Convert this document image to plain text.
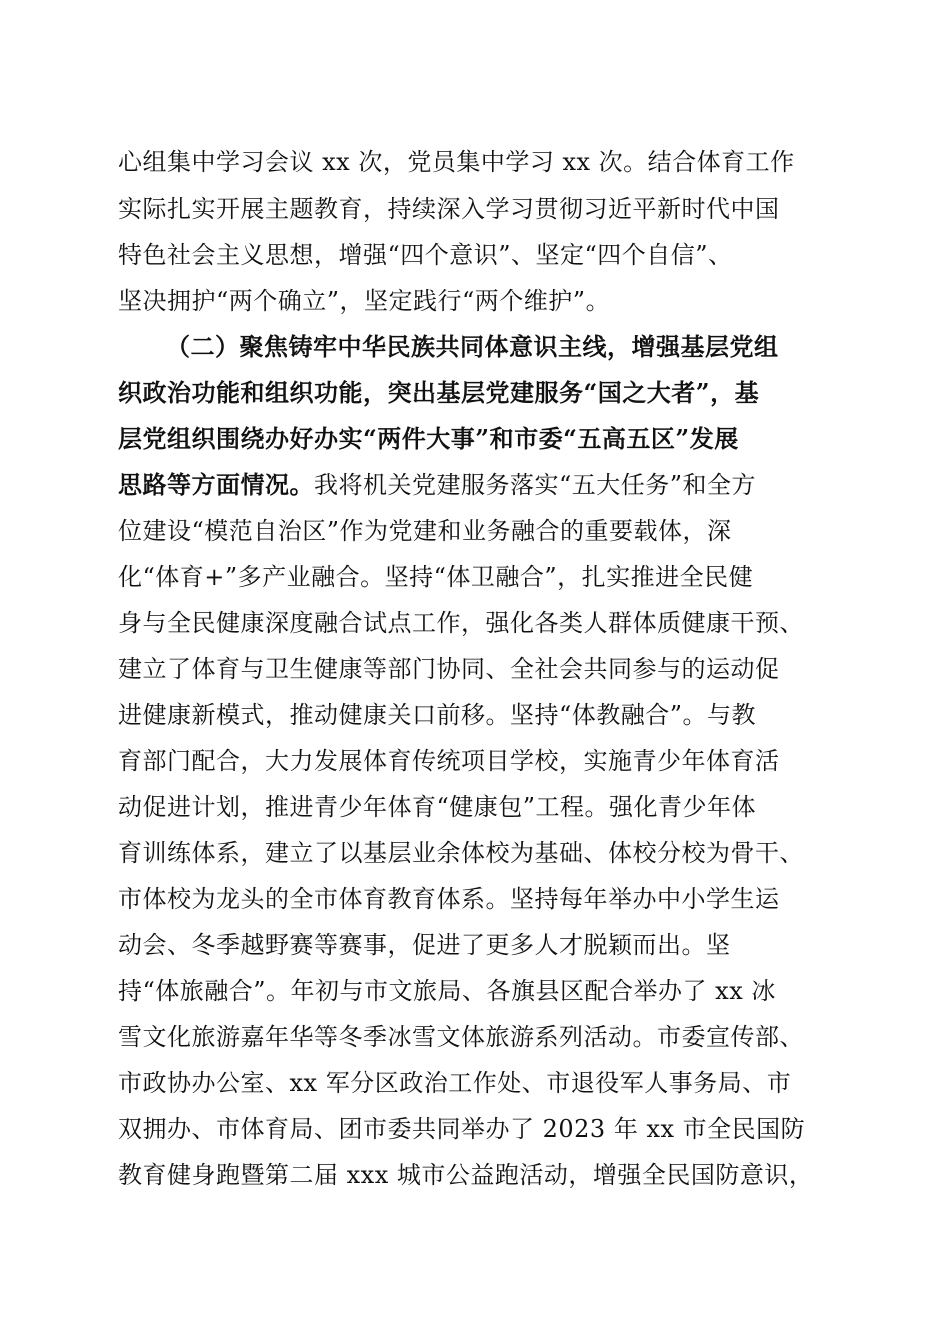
心组集中学习会议 xx 次，党员集中学习 xx 次。结合体育工作
实际扎实开展主题教育，持续深入学习贯彻习近平新时代中国
特色社会主义思想，增强“四个意识”、坚定“四个自信”、
坚决拥护“两个确立”，坚定践行“两个维护”。
（二）聚焦铸牢中华民族共同体意识主线，增强基层党组
织政治功能和组织功能，突出基层党建服务“国之大者”，基
层党组织围绕办好办实“两件大事”和市委“五高五区”发展
思路等方面情况。我将机关党建服务落实“五大任务”和全方
位建设“模范自治区”作为党建和业务融合的重要载体，深
化“体育+”多产业融合。坚持“体卫融合”，扎实推进全民健
身与全民健康深度融合试点工作，强化各类人群体质健康干预、
建立了体育与卫生健康等部门协同、全社会共同参与的运动促
进健康新模式，推动健康关口前移。坚持“体教融合”。与教
育部门配合，大力发展体育传统项目学校，实施青少年体育活
动促进计划，推进青少年体育“健康包”工程。强化青少年体
育训练体系，建立了以基层业余体校为基础、体校分校为骨干、
市体校为龙头的全市体育教育体系。坚持每年举办中小学生运
动会、冬季越野赛等赛事，促进了更多人才脱颖而出。坚
持“体旅融合”。年初与市文旅局、各旗县区配合举办了 xx 冰
雪文化旅游嘉年华等冬季冰雪文体旅游系列活动。市委宣传部、
市政协办公室、xx 军分区政治工作处、市退役军人事务局、市
双拥办、市体育局、团市委共同举办了 2023 年 xx 市全民国防
教育健身跑暨第二届 xxx 城市公益跑活动，增强全民国防意识，
